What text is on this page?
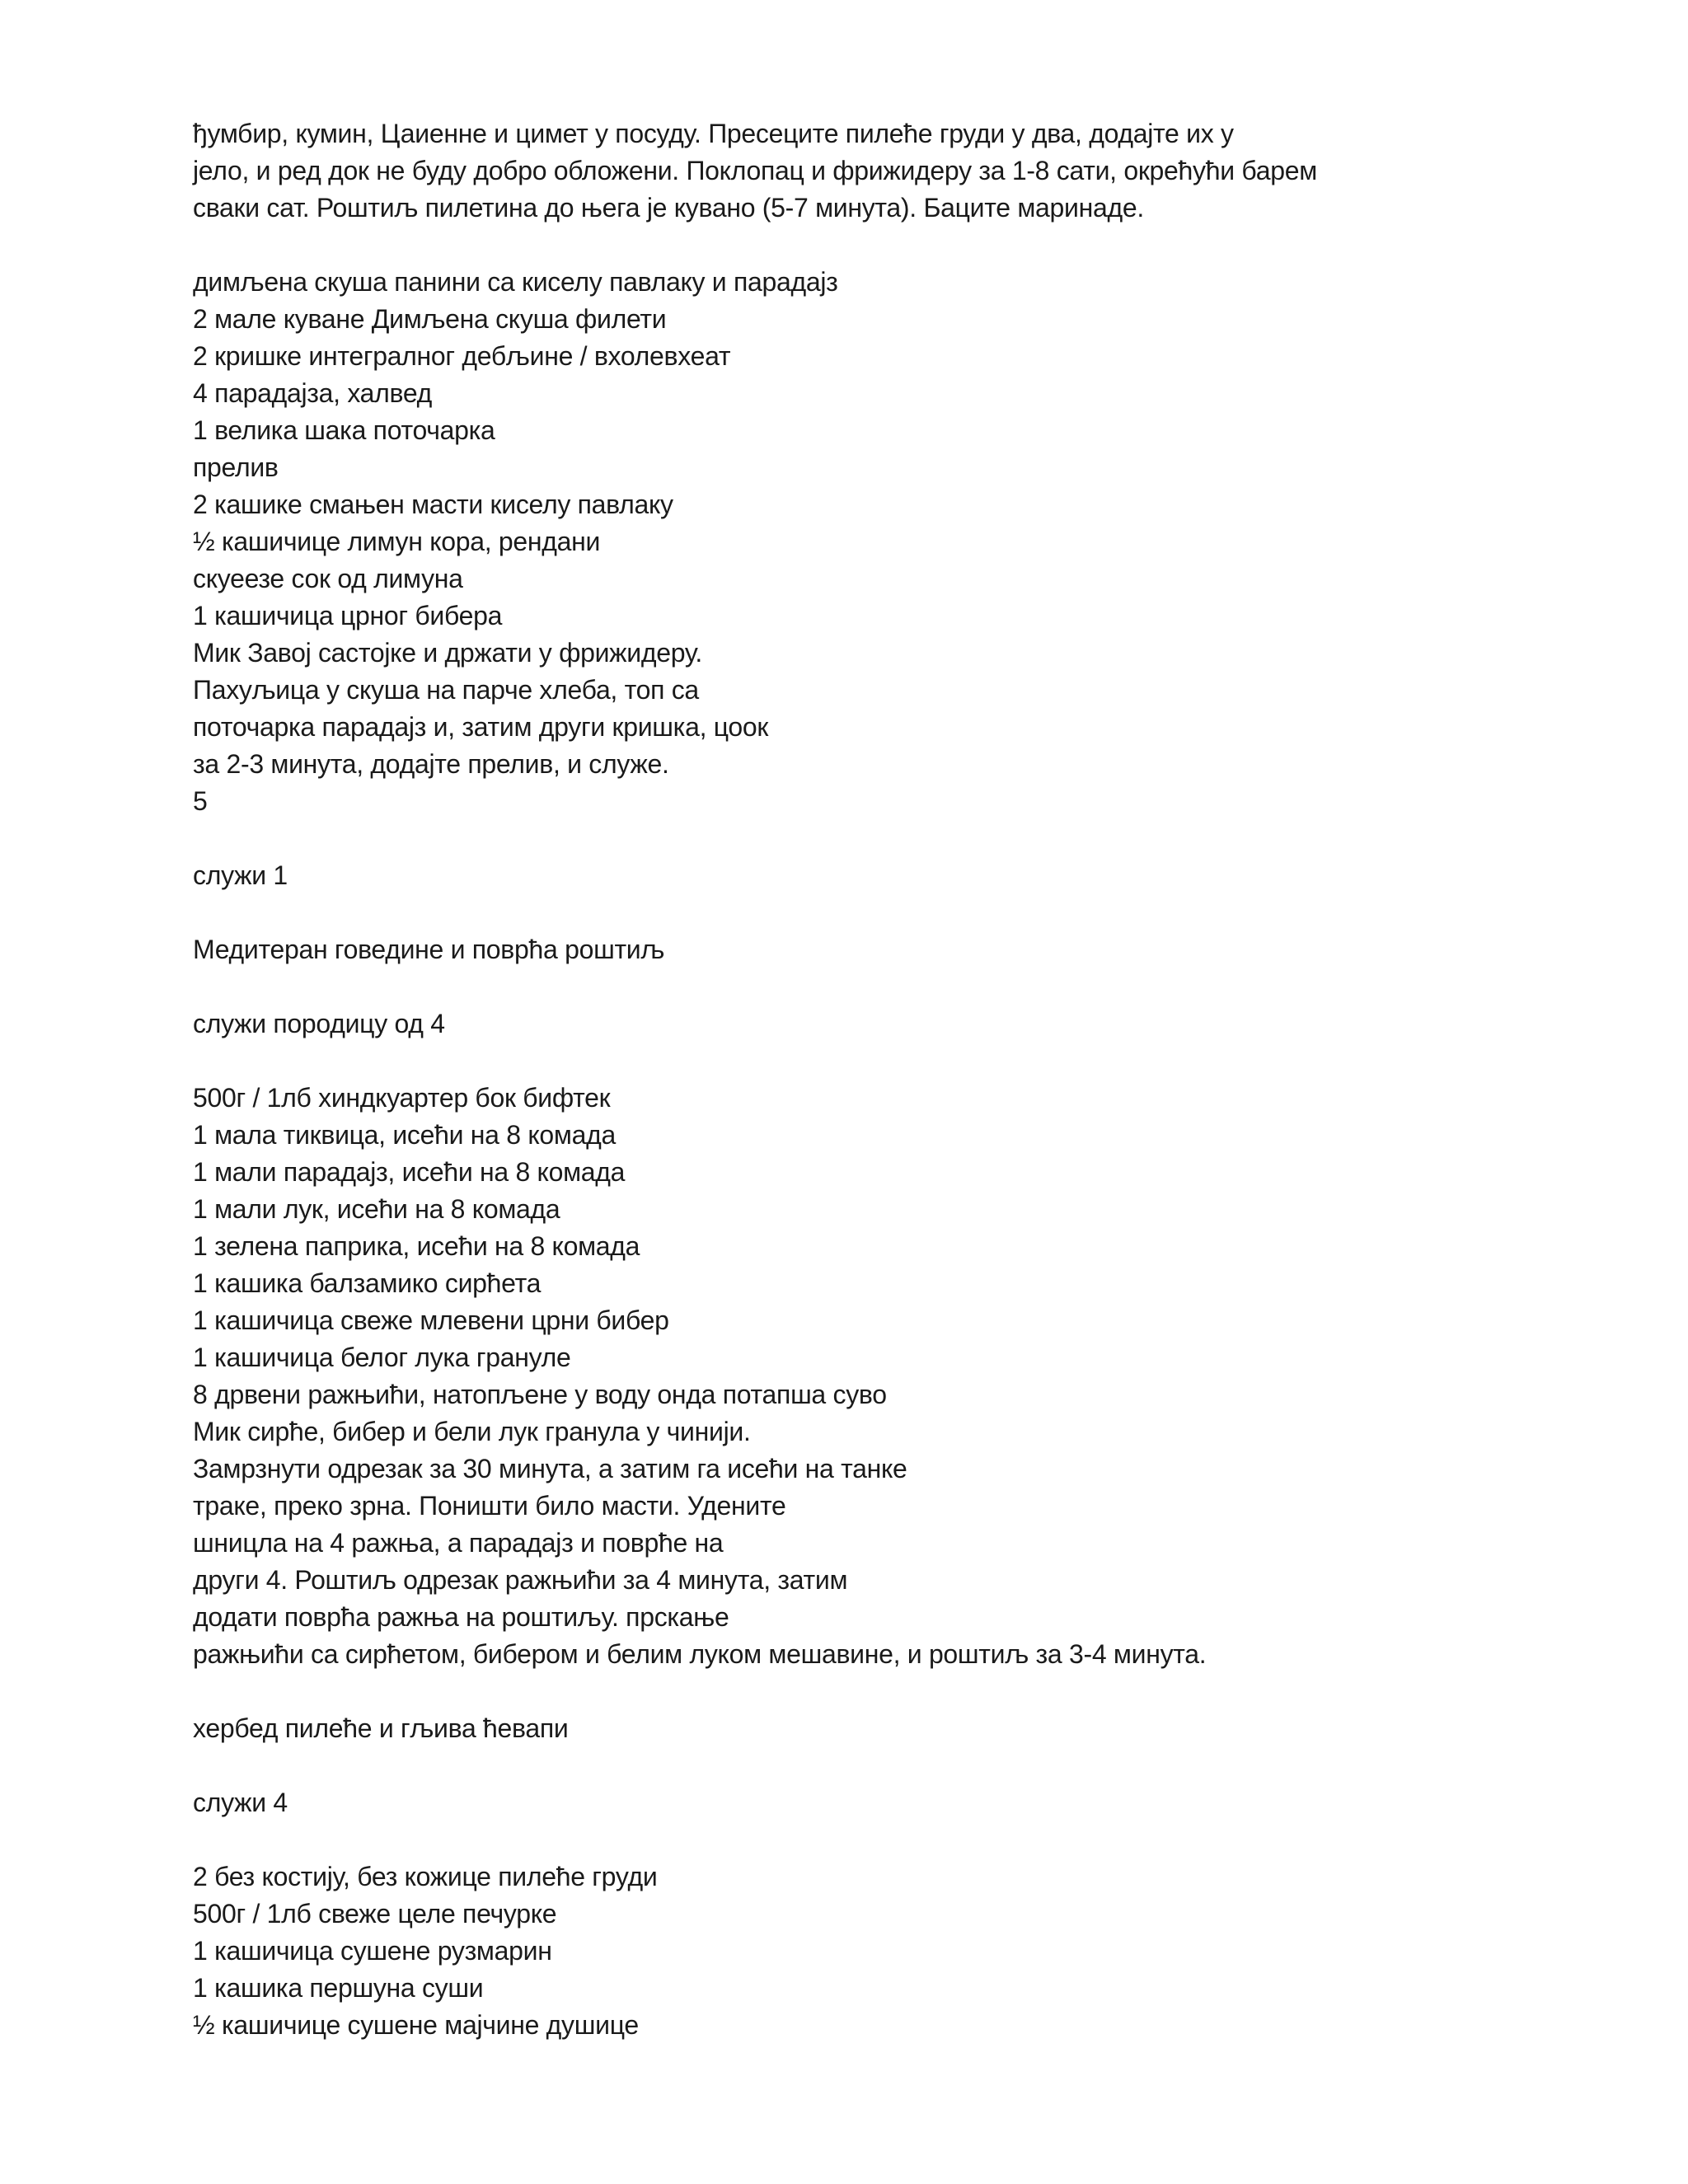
ђумбир, кумин, Цаиенне и цимет у посуду. Пресеците пилеће груди у два, додајте их у
јело, и ред док не буду добро обложени. Поклопац и фрижидеру за 1-8 сати, окрећући барем
сваки сат. Роштиљ пилетина до њега је кувано (5-7 минута). Баците маринаде.
димљена скуша панини са киселу павлаку и парадајз
2 мале куване Димљена скуша филети
2 кришке интегралног дебљине / вхолевхеат
4 парадајза, халвед
1 велика шака поточарка
прелив
2 кашике смањен масти киселу павлаку
½ кашичице лимун кора, рендани
скуеезе сок од лимуна
1 кашичица црног бибера
Мик Завој састојке и држати у фрижидеру.
Пахуљица у скуша на парче хлеба, топ са
поточарка парадајз и, затим други кришка, цоок
за 2-3 минута, додајте прелив, и служе.
5
служи 1
Медитеран говедине и поврћа роштиљ
служи породицу од 4
500г / 1лб хиндкуартер бок бифтек
1 мала тиквица, исећи на 8 комада
1 мали парадајз, исећи на 8 комада
1 мали лук, исећи на 8 комада
1 зелена паприка, исећи на 8 комада
1 кашика балзамико сирћета
1 кашичица свеже млевени црни бибер
1 кашичица белог лука грануле
8 дрвени ражњићи, натопљене у воду онда потапша суво
Мик сирће, бибер и бели лук гранула у чинији.
Замрзнути одрезак за 30 минута, а затим га исећи на танке
траке, преко зрна. Поништи било масти. Удените
шницла на 4 ражња, а парадајз и поврће на
други 4. Роштиљ одрезак ражњићи за 4 минута, затим
додати поврћа ражња на роштиљу. прскање
ражњићи са сирћетом, бибером и белим луком мешавине, и роштиљ за 3-4 минута.
хербед пилеће и гљива ћевапи
служи 4
2 без костију, без кожице пилеће груди
500г / 1лб свеже целе печурке
1 кашичица сушене рузмарин
1 кашика першуна суши
½ кашичице сушене мајчине душице
